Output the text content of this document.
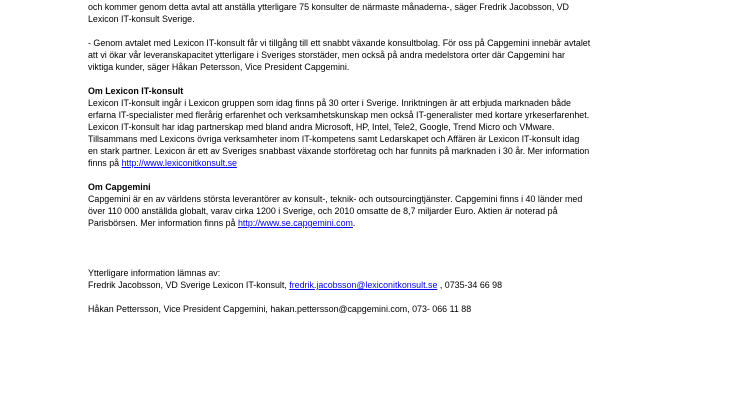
och kommer genom detta avtal att anställa ytterligare 75 konsulter de närmaste månaderna-, säger Fredrik Jacobsson, VD

Lexicon IT-konsult Sverige.

- Genom avtalet med Lexicon IT-konsult får vi tillgång till ett snabbt växande konsultbolag. För oss på Capgemini innebär avtalet

att vi ökar vår leveranskapacitet ytterligare i Sveriges storstäder, men också på andra medelstora orter där Capgemini har

viktiga kunder, säger Håkan Petersson, Vice President Capgemini.

Om Lexicon IT-konsult

Lexicon IT-konsult ingår i Lexicon gruppen som idag finns på 30 orter i Sverige. Inriktningen är att erbjuda marknaden både

erfarna IT-specialister med flerårig erfarenhet och verksamhetskunskap men också IT-generalister med kortare yrkeserfarenhet.

Lexicon IT-konsult har idag partnerskap med bland andra Microsoft, HP, Intel, Tele2, Google, Trend Micro och VMware.

Tillsammans med Lexicons övriga verksamheter inom IT-kompetens samt Ledarskapet och Affären är Lexicon IT-konsult idag

en stark partner. Lexicon är ett av Sveriges snabbast växande storföretag och har funnits på marknaden i 30 år. Mer information

finns på http://www.lexiconitkonsult.se

Om Capgemini

Capgemini är en av världens största leverantörer av konsult-, teknik- och outsourcingtjänster. Capgemini finns i 40 länder med

över 110 000 anställda globalt, varav cirka 1200 i Sverige, och 2010 omsatte de 8,7 miljarder Euro. Aktien är noterad på

Parisbörsen. Mer information finns på http://www.se.capgemini.com.

Ytterligare information lämnas av:

Fredrik Jacobsson, VD Sverige Lexicon IT-konsult, fredrik.jacobsson@lexiconitkonsult.se , 0735-34 66 98

Håkan Pettersson, Vice President Capgemini, hakan.pettersson@capgemini.com, 073- 066 11 88
